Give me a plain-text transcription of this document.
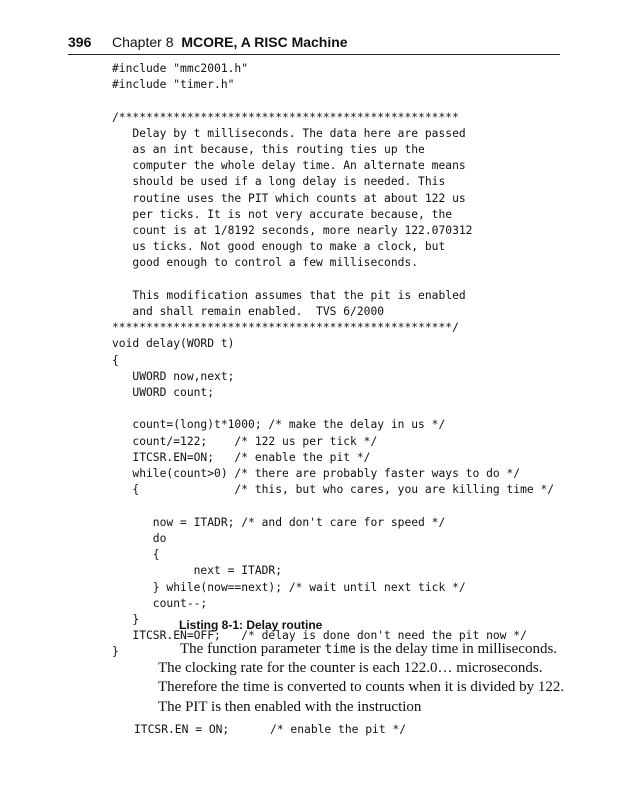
396 Chapter 8 MCORE, A RISC Machine
#include "mmc2001.h"
#include "timer.h"

/**************************************************
Delay by t milliseconds. The data here are passed
as an int because, this routing ties up the
computer the whole delay time. An alternate means
should be used if a long delay is needed. This
routine uses the PIT which counts at about 122 us
per ticks. It is not very accurate because, the
count is at 1/8192 seconds, more nearly 122.070312
us ticks. Not good enough to make a clock, but
good enough to control a few milliseconds.

This modification assumes that the pit is enabled
and shall remain enabled.  TVS 6/2000
**************************************************/
void delay(WORD t)
{
UWORD now,next;
UWORD count;

count=(long)t*1000; /* make the delay in us */
count/=122;    /* 122 us per tick */
ITCSR.EN=ON;   /* enable the pit */
while(count>0) /* there are probably faster ways to do */
{              /* this, but who cares, you are killing time */

now = ITADR; /* and don't care for speed */
do
{
next = ITADR;
} while(now==next); /* wait until next tick */
count--;
}
ITCSR.EN=OFF;   /* delay is done don't need the pit now */
}
Listing 8-1: Delay routine
The function parameter time is the delay time in milliseconds.
The clocking rate for the counter is each 122.0… microseconds.
Therefore the time is converted to counts when it is divided by 122.
The PIT is then enabled with the instruction
ITCSR.EN = ON;      /* enable the pit */
